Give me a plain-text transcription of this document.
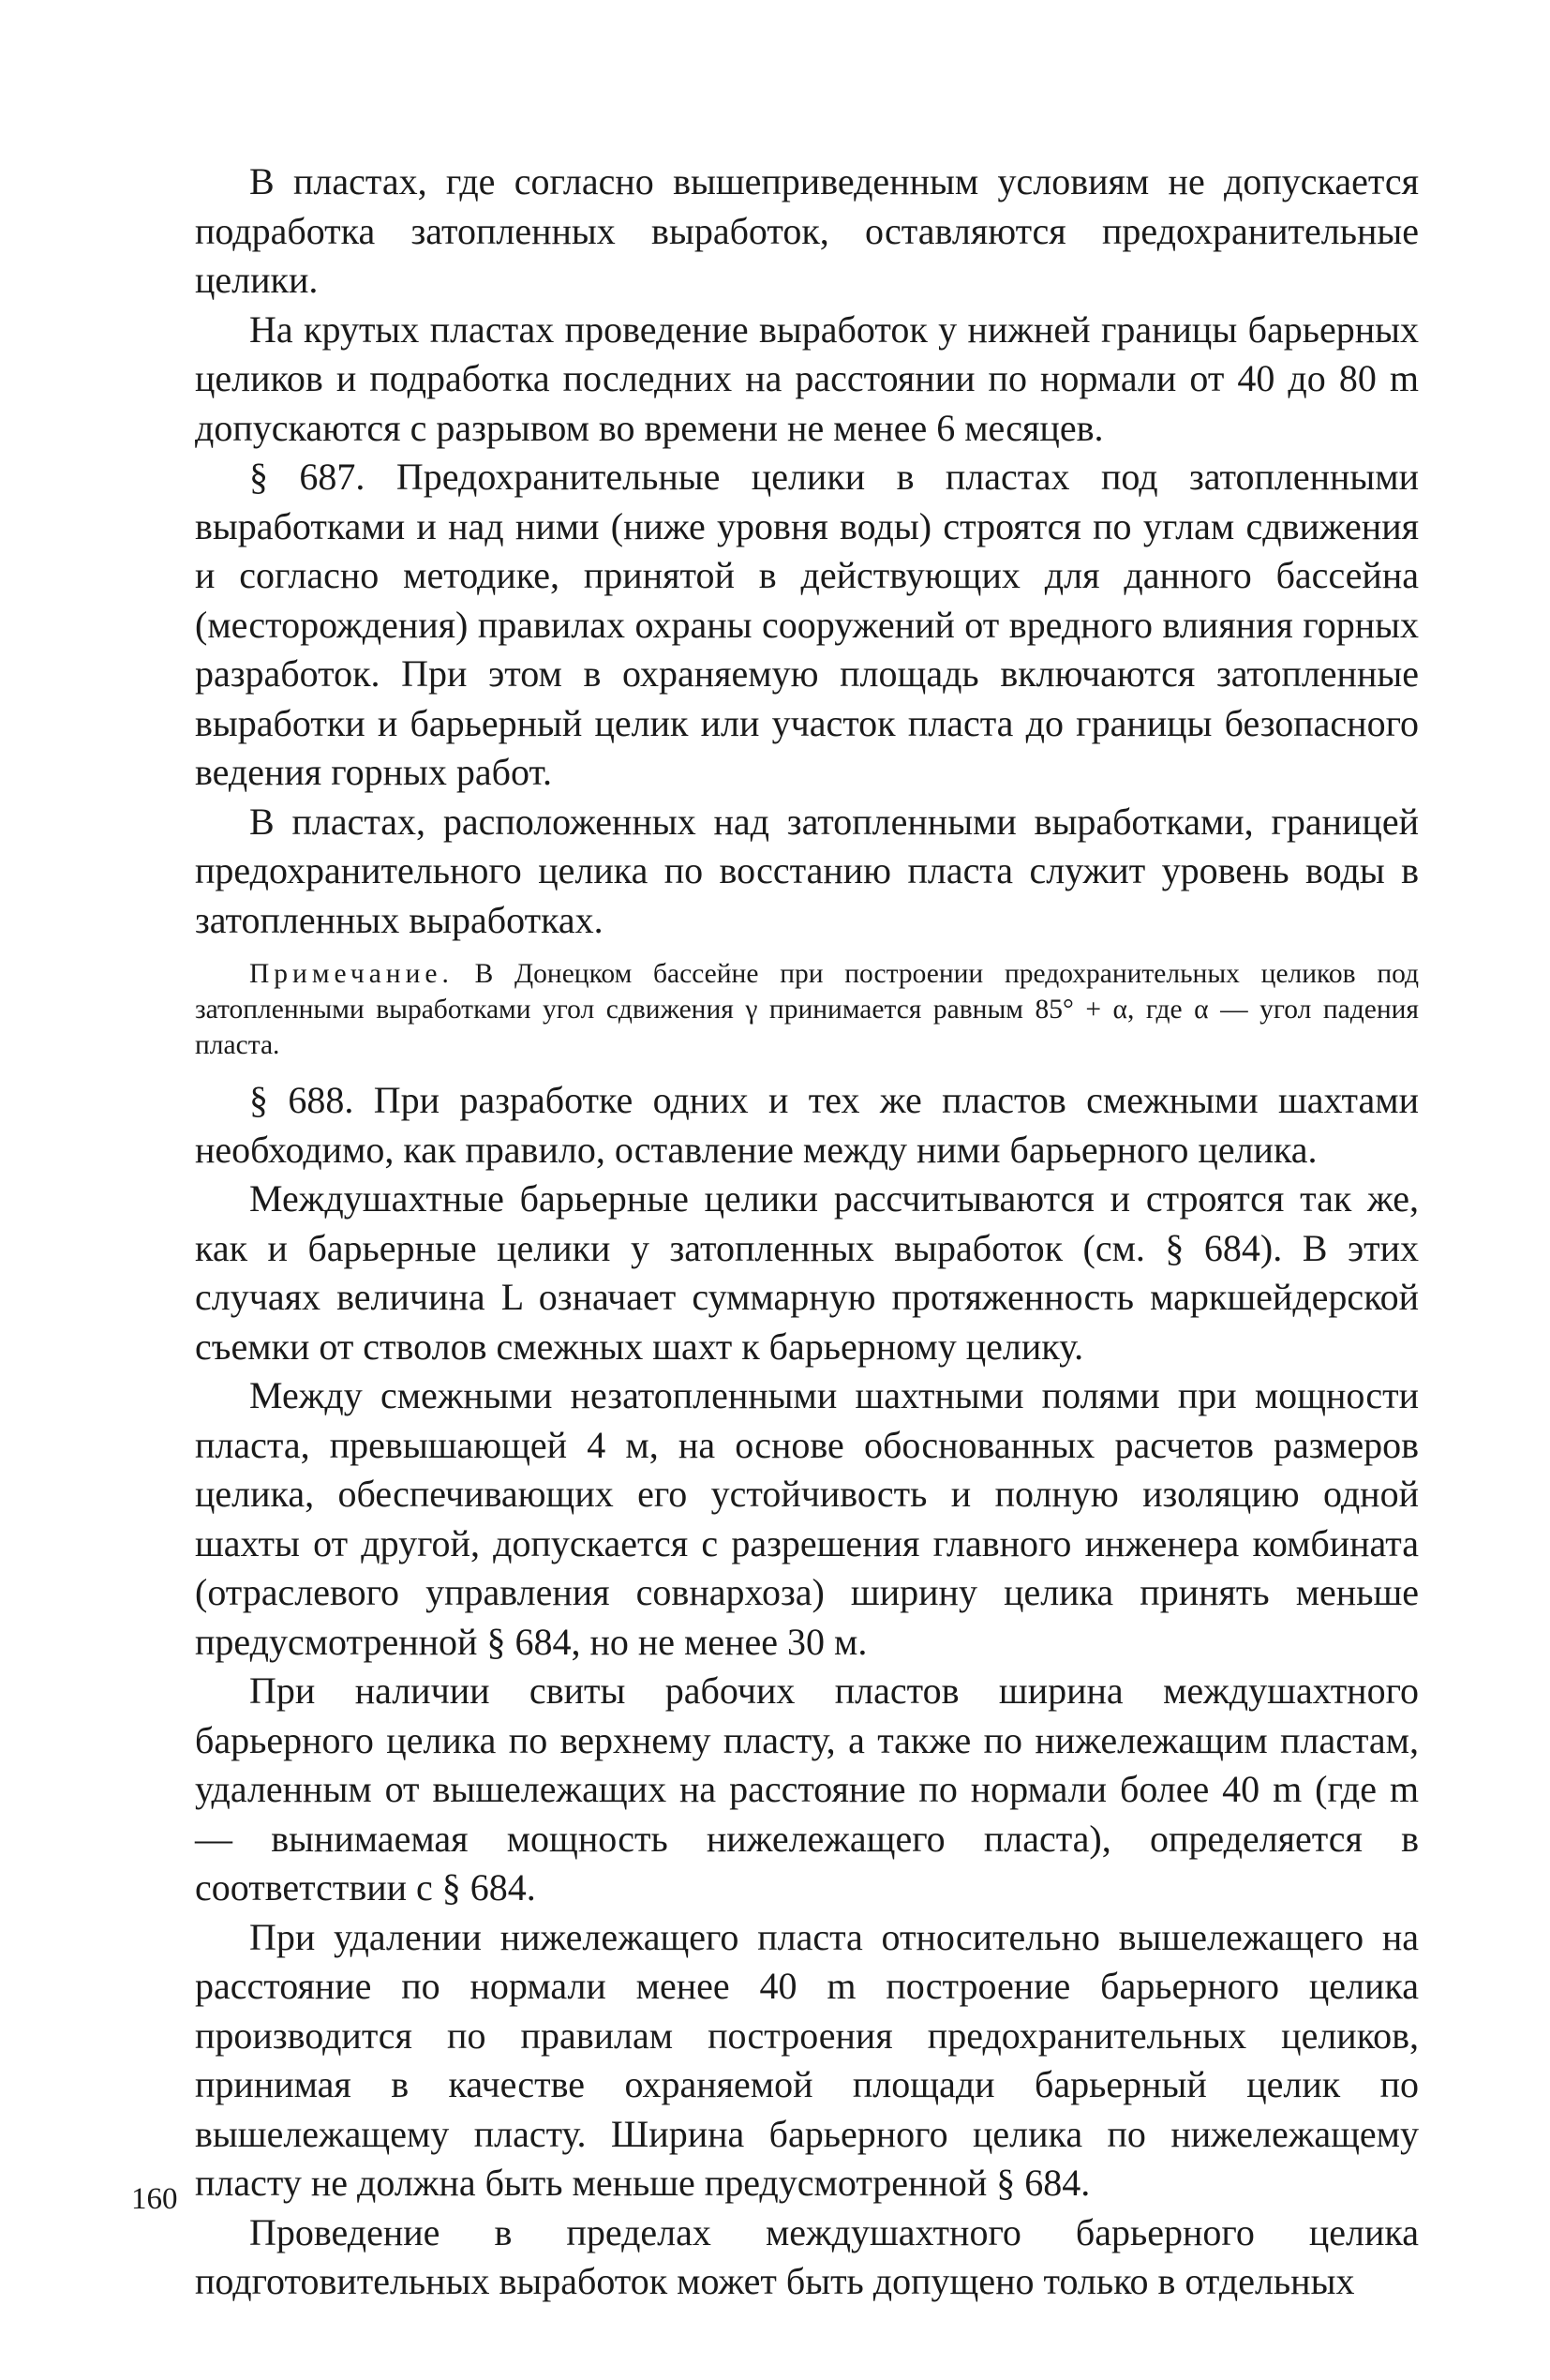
В пластах, где согласно вышеприведенным условиям не допускается подработка затопленных выработок, оставляются предохранительные целики.

На крутых пластах проведение выработок у нижней границы барьерных целиков и подработка последних на расстоянии по нормали от 40 до 80 m допускаются с разрывом во времени не менее 6 месяцев.

§ 687. Предохранительные целики в пластах под затопленными выработками и над ними (ниже уровня воды) строятся по углам сдвижения и согласно методике, принятой в действующих для данного бассейна (месторождения) правилах охраны сооружений от вредного влияния горных разработок. При этом в охраняемую площадь включаются затопленные выработки и барьерный целик или участок пласта до границы безопасного ведения горных работ.

В пластах, расположенных над затопленными выработками, границей предохранительного целика по восстанию пласта служит уровень воды в затопленных выработках.

Примечание. В Донецком бассейне при построении предохранительных целиков под затопленными выработками угол сдвижения γ принимается равным 85° + α, где α — угол падения пласта.

§ 688. При разработке одних и тех же пластов смежными шахтами необходимо, как правило, оставление между ними барьерного целика.

Междушахтные барьерные целики рассчитываются и строятся так же, как и барьерные целики у затопленных выработок (см. § 684). В этих случаях величина L означает суммарную протяженность маркшейдерской съемки от стволов смежных шахт к барьерному целику.

Между смежными незатопленными шахтными полями при мощности пласта, превышающей 4 м, на основе обоснованных расчетов размеров целика, обеспечивающих его устойчивость и полную изоляцию одной шахты от другой, допускается с разрешения главного инженера комбината (отраслевого управления совнархоза) ширину целика принять меньше предусмотренной § 684, но не менее 30 м.

При наличии свиты рабочих пластов ширина междушахтного барьерного целика по верхнему пласту, а также по нижележащим пластам, удаленным от вышележащих на расстояние по нормали более 40 m (где m — вынимаемая мощность нижележащего пласта), определяется в соответствии с § 684.

При удалении нижележащего пласта относительно вышележащего на расстояние по нормали менее 40 m построение барьерного целика производится по правилам построения предохранительных целиков, принимая в качестве охраняемой площади барьерный целик по вышележащему пласту. Ширина барьерного целика по нижележащему пласту не должна быть меньше предусмотренной § 684.

Проведение в пределах междушахтного барьерного целика подготовительных выработок может быть допущено только в отдельных

160
